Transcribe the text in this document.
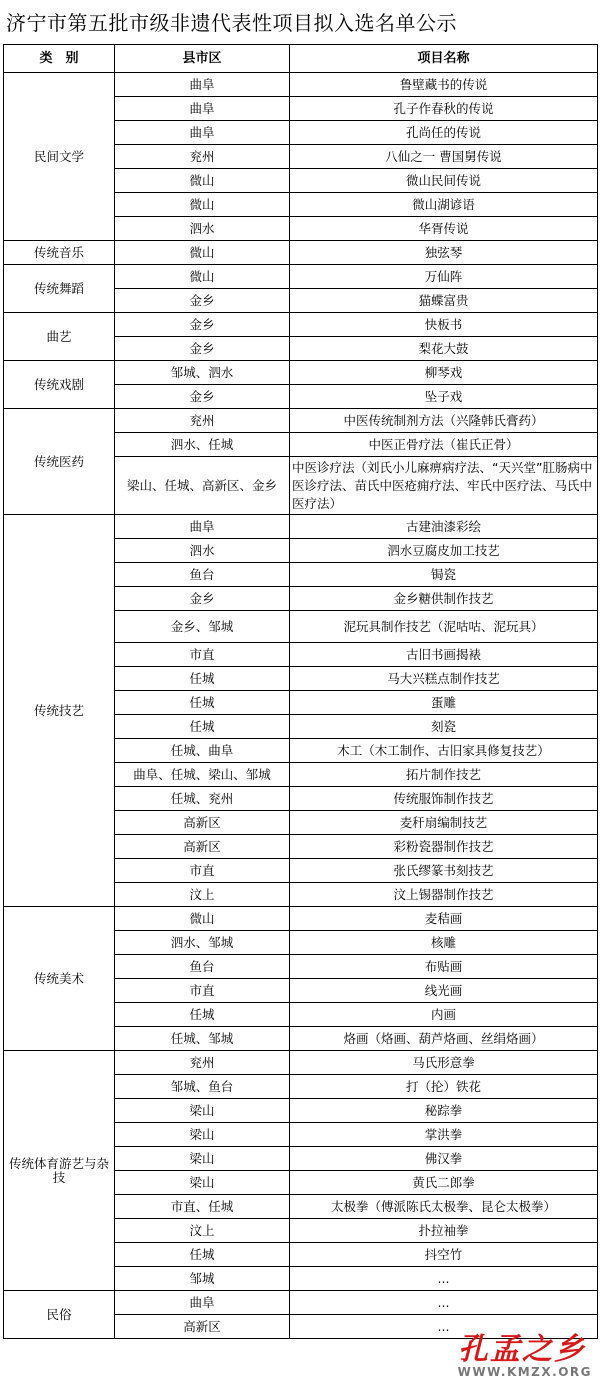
济宁市第五批市级非遗代表性项目拟入选名单公示
类　别	县市区	项目名称
民间文学	曲阜	鲁壁藏书的传说
	曲阜	孔子作春秋的传说
	曲阜	孔尚任的传说
	兖州	八仙之一 曹国舅传说
	微山	微山民间传说
	微山	微山湖谚语
	泗水	华胥传说
传统音乐	微山	独弦琴
传统舞蹈	微山	万仙阵
	金乡	猫蝶富贵
曲艺	金乡	快板书
	金乡	梨花大鼓
传统戏剧	邹城、泗水	柳琴戏
	金乡	坠子戏
传统医药	兖州	中医传统制剂方法（兴隆韩氏膏药）
	泗水、任城	中医正骨疗法（崔氏正骨）
	梁山、任城、高新区、金乡	中医诊疗法（刘氏小儿麻痹病疗法、“天兴堂”肛肠病中医诊疗法、苗氏中医疮痈疗法、牢氏中医疗法、马氏中医疗法）
传统技艺	曲阜	古建油漆彩绘
	泗水	泗水豆腐皮加工技艺
	鱼台	锔瓷
	金乡	金乡糖供制作技艺
	金乡、邹城	泥玩具制作技艺（泥咕咕、泥玩具）
	市直	古旧书画揭裱
	任城	马大兴糕点制作技艺
	任城	蛋雕
	任城	刻瓷
	任城、曲阜	木工（木工制作、古旧家具修复技艺）
	曲阜、任城、梁山、邹城	拓片制作技艺
	任城、兖州	传统服饰制作技艺
	高新区	麦秆扇编制技艺
	高新区	彩粉瓷器制作技艺
	市直	张氏缪篆书刻技艺
	汶上	汶上锡器制作技艺
传统美术	微山	麦秸画
	泗水、邹城	核雕
	鱼台	布贴画
	市直	线光画
	任城	内画
	任城、邹城	烙画（烙画、葫芦烙画、丝绢烙画）
传统体育游艺与杂技	兖州	马氏形意拳
	邹城、鱼台	打（抡）铁花
	梁山	秘踪拳
	梁山	掌洪拳
	梁山	佛汉拳
	梁山	黄氏二郎拳
	市直、任城	太极拳（傅派陈氏太极拳、昆仑太极拳）
	汶上	扑拉袖拳
	任城	抖空竹
	邹城	...
民俗	曲阜	...
	高新区	...
孔孟之乡
WWW.KMZX.ORG
